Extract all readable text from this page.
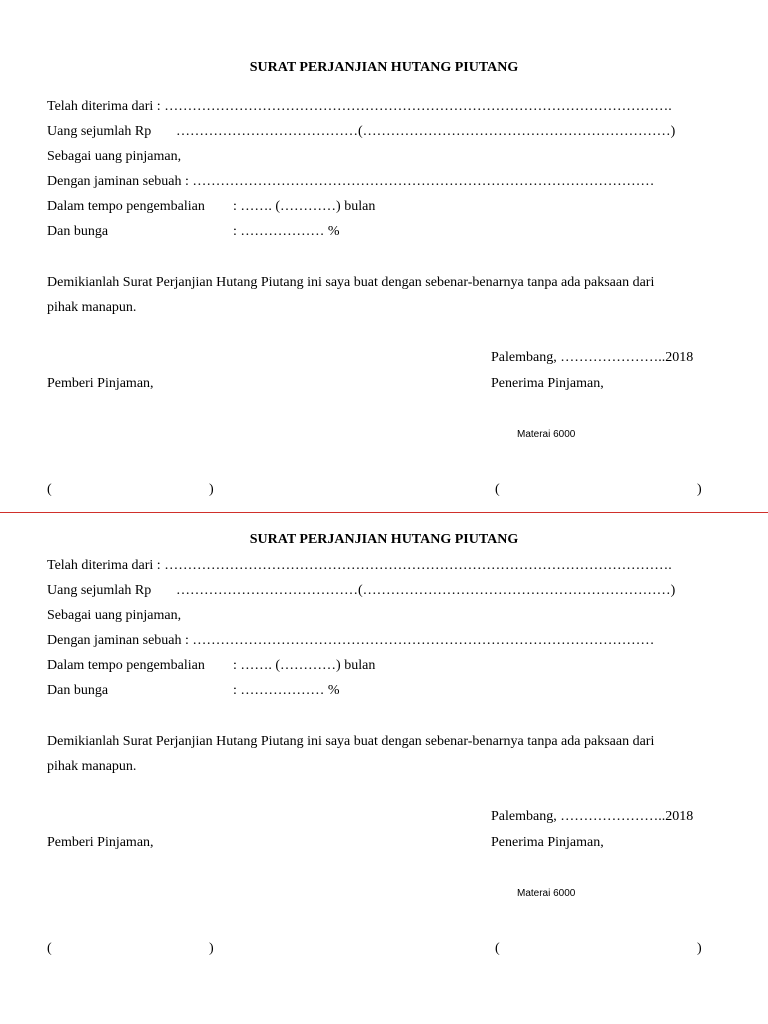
SURAT PERJANJIAN HUTANG PIUTANG
Telah diterima dari : ……………………………………………………………………………………………….
Uang sejumlah Rp …………………………………(…………………………………………………………)
Sebagai uang pinjaman,
Dengan jaminan sebuah : ………………………………………………………………………………………
Dalam tempo pengembalian : ……. (…………) bulan
Dan bunga	: ……………… %
Demikianlah Surat Perjanjian Hutang Piutang ini saya buat dengan sebenar-benarnya tanpa ada paksaan dari
pihak manapun.
Palembang, …………………..2018
Pemberi Pinjaman,	Penerima Pinjaman,
Materai 6000
(	)	(	)
SURAT PERJANJIAN HUTANG PIUTANG
Telah diterima dari : ……………………………………………………………………………………………….
Uang sejumlah Rp …………………………………(…………………………………………………………)
Sebagai uang pinjaman,
Dengan jaminan sebuah : ………………………………………………………………………………………
Dalam tempo pengembalian : ……. (…………) bulan
Dan bunga	: ……………… %
Demikianlah Surat Perjanjian Hutang Piutang ini saya buat dengan sebenar-benarnya tanpa ada paksaan dari
pihak manapun.
Palembang, …………………..2018
Pemberi Pinjaman,	Penerima Pinjaman,
Materai 6000
(	)	(	)
